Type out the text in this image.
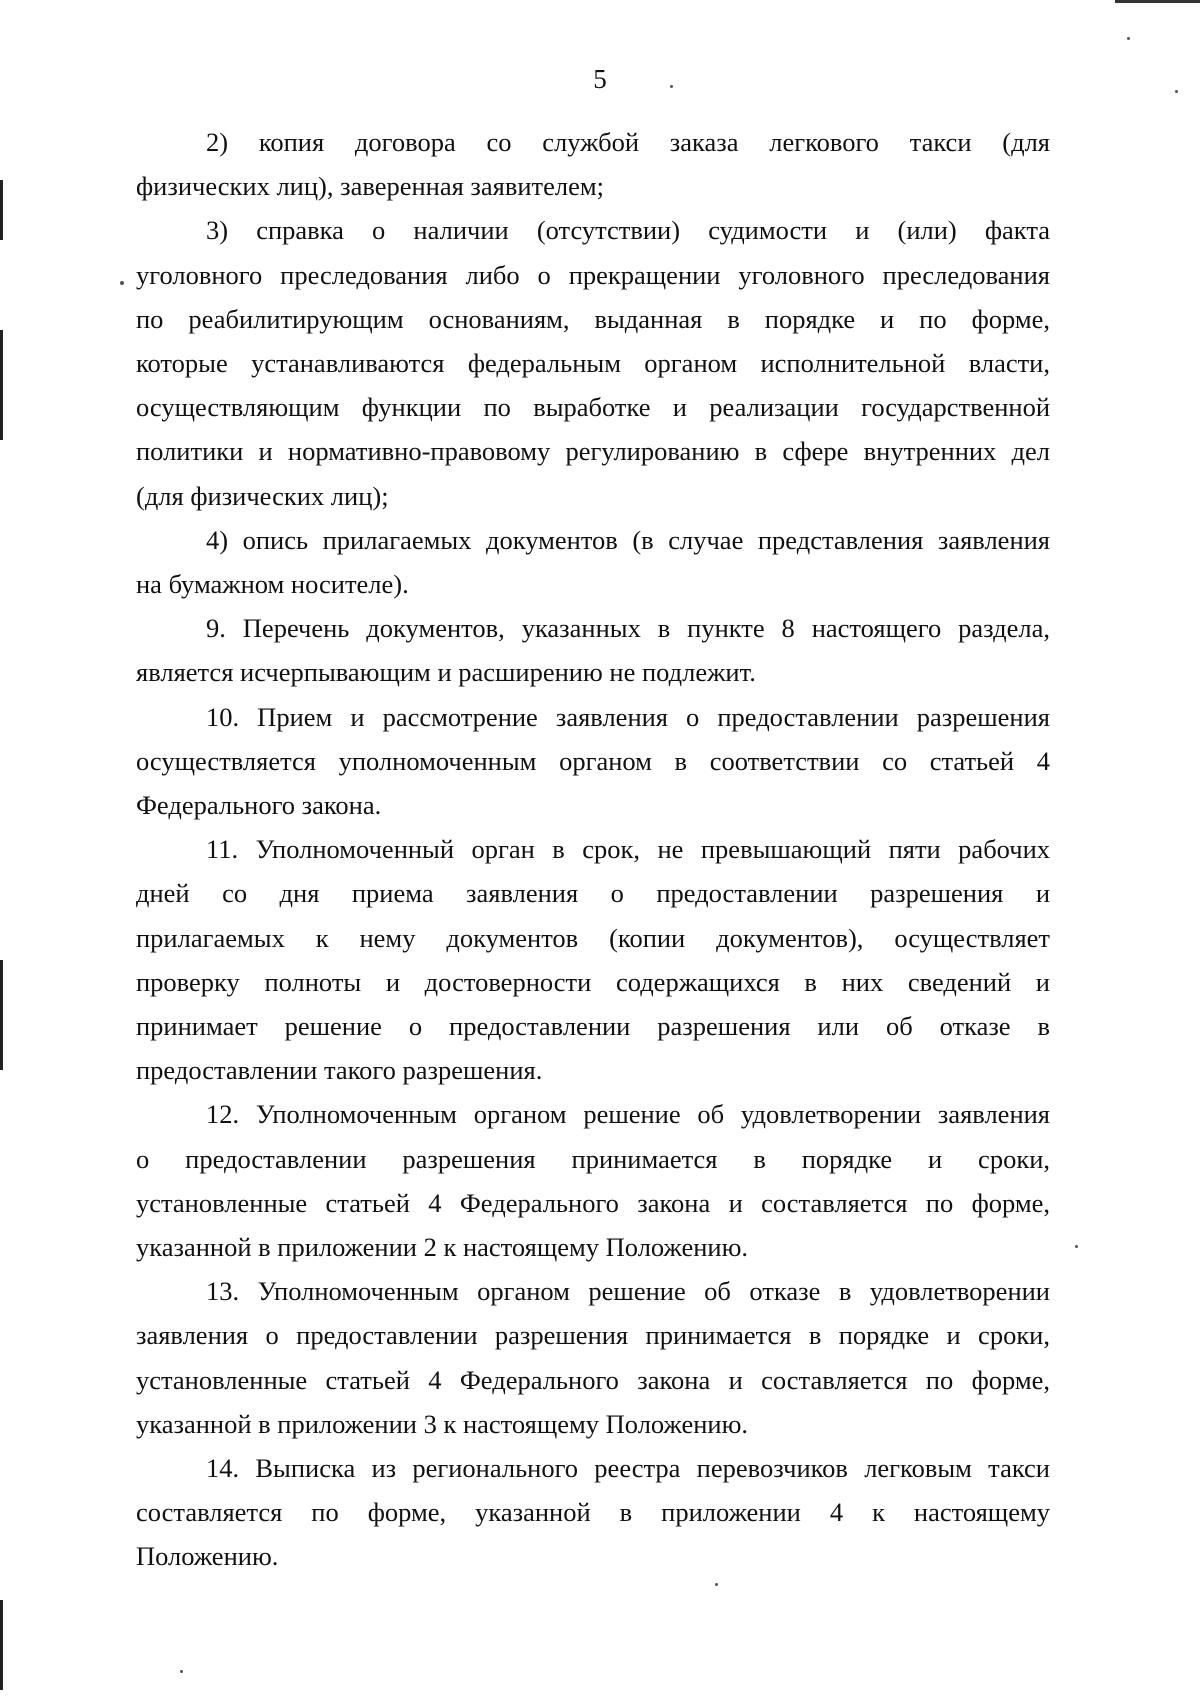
5
2) копия договора со службой заказа легкового такси (для
физических лиц), заверенная заявителем;
3) справка о наличии (отсутствии) судимости и (или) факта
уголовного преследования либо о прекращении уголовного преследования
по реабилитирующим основаниям, выданная в порядке и по форме,
которые устанавливаются федеральным органом исполнительной власти,
осуществляющим функции по выработке и реализации государственной
политики и нормативно-правовому регулированию в сфере внутренних дел
(для физических лиц);
4) опись прилагаемых документов (в случае представления заявления
на бумажном носителе).
9. Перечень документов, указанных в пункте 8 настоящего раздела,
является исчерпывающим и расширению не подлежит.
10. Прием и рассмотрение заявления о предоставлении разрешения
осуществляется уполномоченным органом в соответствии со статьей 4
Федерального закона.
11. Уполномоченный орган в срок, не превышающий пяти рабочих
дней со дня приема заявления о предоставлении разрешения и
прилагаемых к нему документов (копии документов), осуществляет
проверку полноты и достоверности содержащихся в них сведений и
принимает решение о предоставлении разрешения или об отказе в
предоставлении такого разрешения.
12. Уполномоченным органом решение об удовлетворении заявления
о предоставлении разрешения принимается в порядке и сроки,
установленные статьей 4 Федерального закона и составляется по форме,
указанной в приложении 2 к настоящему Положению.
13. Уполномоченным органом решение об отказе в удовлетворении
заявления о предоставлении разрешения принимается в порядке и сроки,
установленные статьей 4 Федерального закона и составляется по форме,
указанной в приложении 3 к настоящему Положению.
14. Выписка из регионального реестра перевозчиков легковым такси
составляется по форме, указанной в приложении 4 к настоящему
Положению.
